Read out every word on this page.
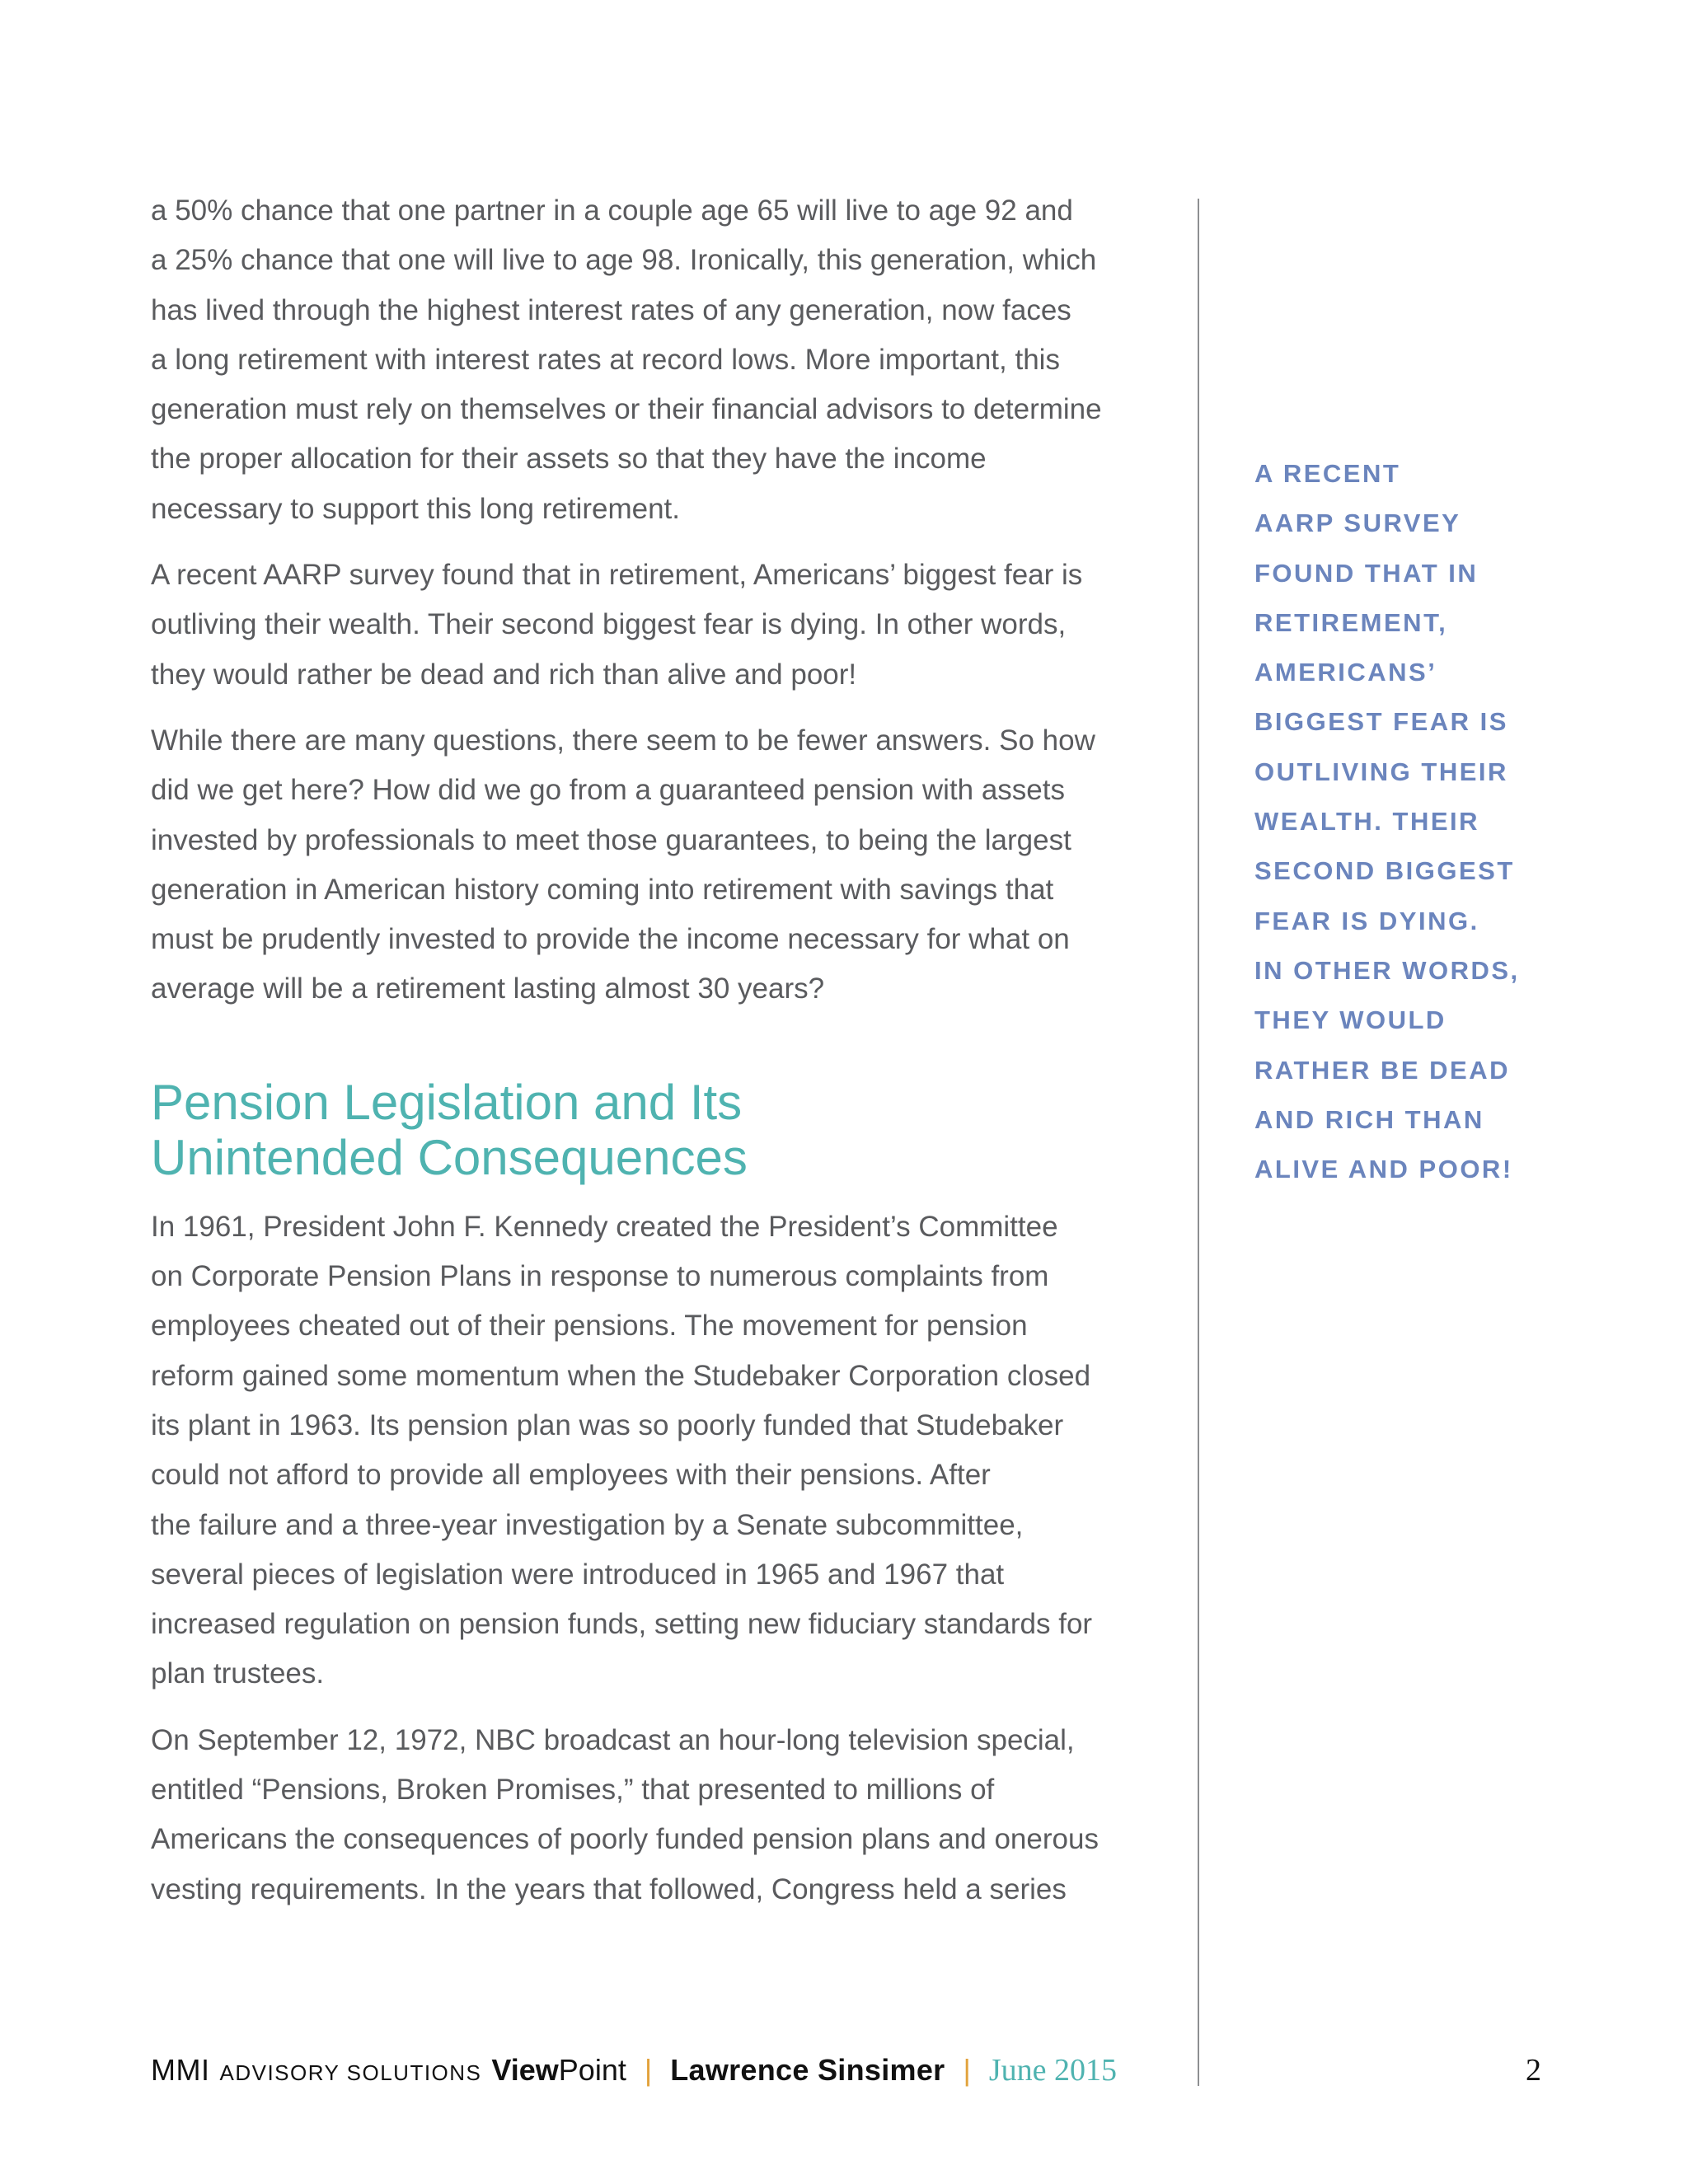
a 50% chance that one partner in a couple age 65 will live to age 92 and
a 25% chance that one will live to age 98. Ironically, this generation, which
has lived through the highest interest rates of any generation, now faces
a long retirement with interest rates at record lows. More important, this
generation must rely on themselves or their financial advisors to determine
the proper allocation for their assets so that they have the income
necessary to support this long retirement.

A recent AARP survey found that in retirement, Americans’ biggest fear is
outliving their wealth. Their second biggest fear is dying. In other words,
they would rather be dead and rich than alive and poor!

While there are many questions, there seem to be fewer answers. So how
did we get here? How did we go from a guaranteed pension with assets
invested by professionals to meet those guarantees, to being the largest
generation in American history coming into retirement with savings that
must be prudently invested to provide the income necessary for what on
average will be a retirement lasting almost 30 years?

Pension Legislation and Its
Unintended Consequences

In 1961, President John F. Kennedy created the President’s Committee
on Corporate Pension Plans in response to numerous complaints from
employees cheated out of their pensions. The movement for pension
reform gained some momentum when the Studebaker Corporation closed
its plant in 1963. Its pension plan was so poorly funded that Studebaker
could not afford to provide all employees with their pensions. After
the failure and a three-year investigation by a Senate subcommittee,
several pieces of legislation were introduced in 1965 and 1967 that
increased regulation on pension funds, setting new fiduciary standards for
plan trustees.

On September 12, 1972, NBC broadcast an hour-long television special,
entitled “Pensions, Broken Promises,” that presented to millions of
Americans the consequences of poorly funded pension plans and onerous
vesting requirements. In the years that followed, Congress held a series

A RECENT
AARP SURVEY
FOUND THAT IN
RETIREMENT,
AMERICANS’
BIGGEST FEAR IS
OUTLIVING THEIR
WEALTH. THEIR
SECOND BIGGEST
FEAR IS DYING.
IN OTHER WORDS,
THEY WOULD
RATHER BE DEAD
AND RICH THAN
ALIVE AND POOR!
MMI ADVISORY SOLUTIONS ViewPoint | Lawrence Sinsimer | June 2015	2
